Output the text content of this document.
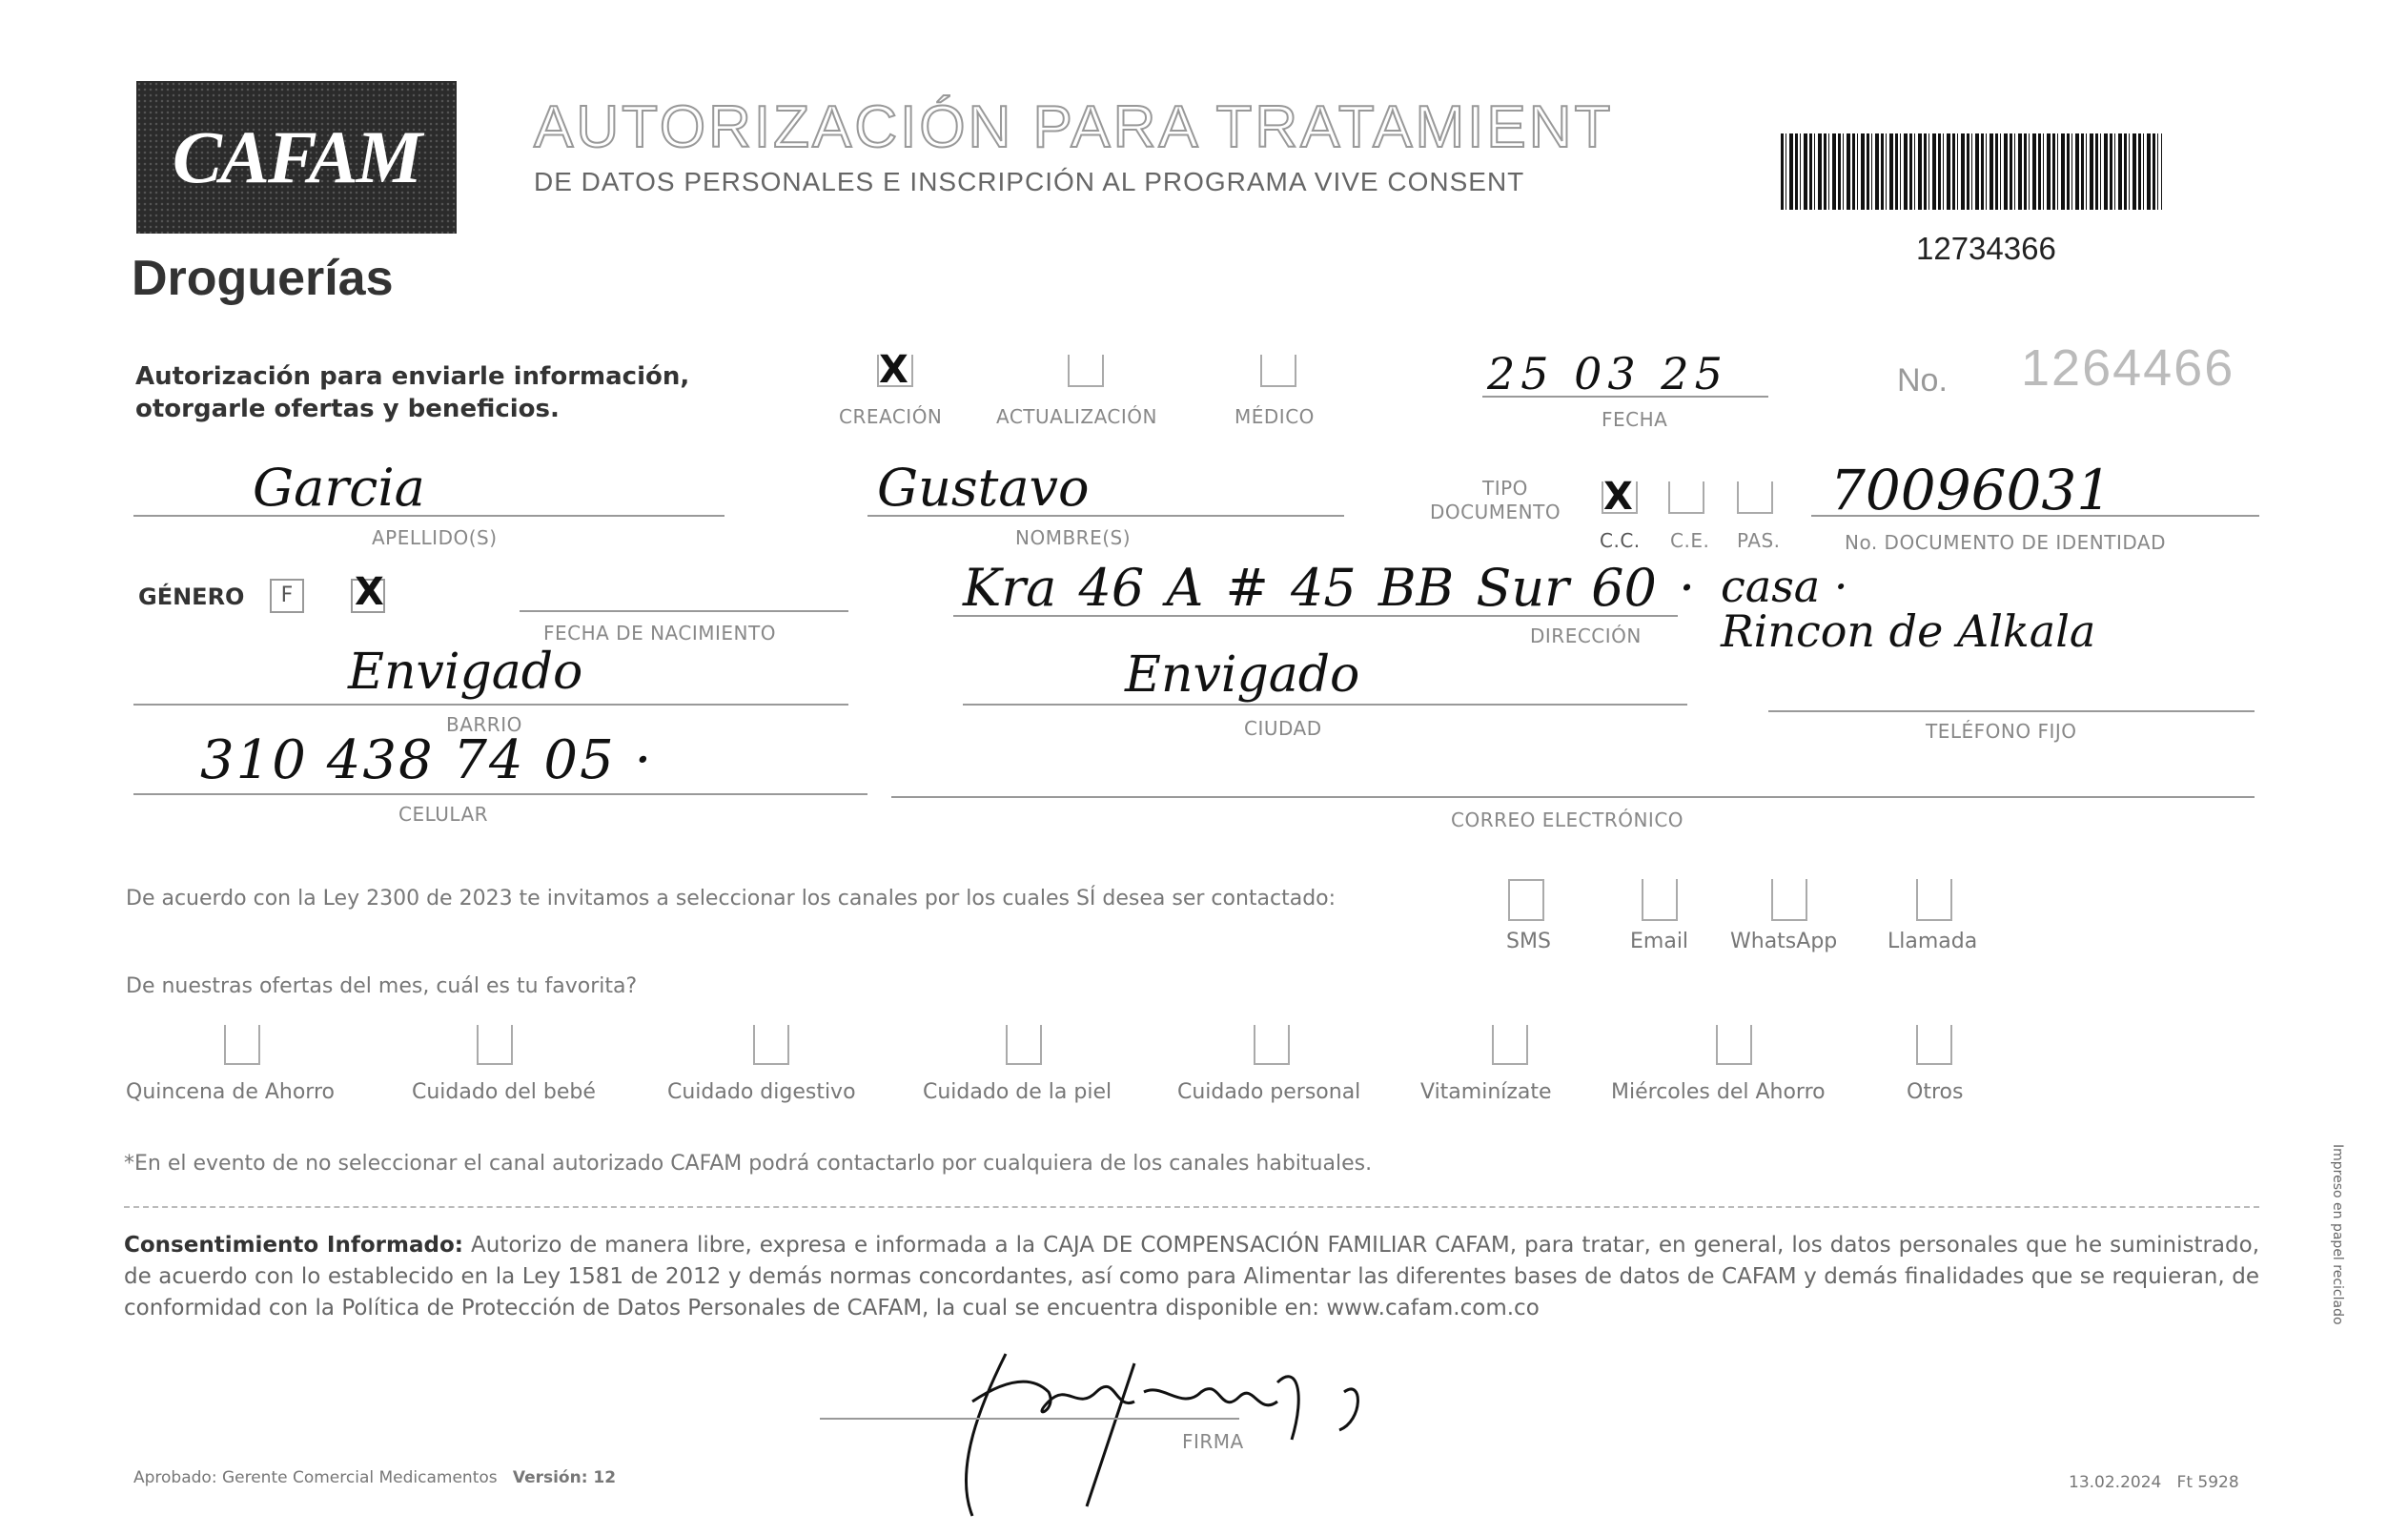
CAFAM
Droguerías
AUTORIZACIÓN PARA TRATAMIENT
DE DATOS PERSONALES E INSCRIPCIÓN AL PROGRAMA VIVE CONSENT
12734366
Autorización para enviarle información,
otorgarle ofertas y beneficios.
X
CREACIÓN	ACTUALIZACIÓN	MÉDICO
25 03 25
FECHA
No. 1264466
Garcia
APELLIDO(S)
Gustavo
NOMBRE(S)
TIPO
DOCUMENTO X
C.C. C.E. PAS.
70096031
No. DOCUMENTO DE IDENTIDAD
GÉNERO	F X
FECHA DE NACIMIENTO
Kra 46 A # 45 BB Sur 60 ·
DIRECCIÓN
casa ·
Rincon de Alkala
Envigado
BARRIO
Envigado
CIUDAD	TELÉFONO FIJO
310 438 74 05 ·
CELULAR	CORREO ELECTRÓNICO
De acuerdo con la Ley 2300 de 2023 te invitamos a seleccionar los canales por los cuales SÍ desea ser contactado:
SMS	Email WhatsApp Llamada
De nuestras ofertas del mes, cuál es tu favorita?
Quincena de Ahorro	Cuidado del bebé	Cuidado digestivo	Cuidado de la piel	Cuidado personal	Vitaminízate	Miércoles del Ahorro	Otros
*En el evento de no seleccionar el canal autorizado CAFAM podrá contactarlo por cualquiera de los canales habituales.
Consentimiento Informado: Autorizo de manera libre, expresa e informada a la CAJA DE COMPENSACIÓN FAMILIAR CAFAM, para tratar, en general, los datos personales que he suministrado, de acuerdo con lo establecido en la Ley 1581 de 2012 y demás normas concordantes, así como para Alimentar las diferentes bases de datos de CAFAM y demás finalidades que se requieran, de conformidad con la Política de Protección de Datos Personales de CAFAM, la cual se encuentra disponible en: www.cafam.com.co
FIRMA
Aprobado: Gerente Comercial Medicamentos Versión: 12	13.02.2024   Ft 5928
Impreso en papel reciclado
